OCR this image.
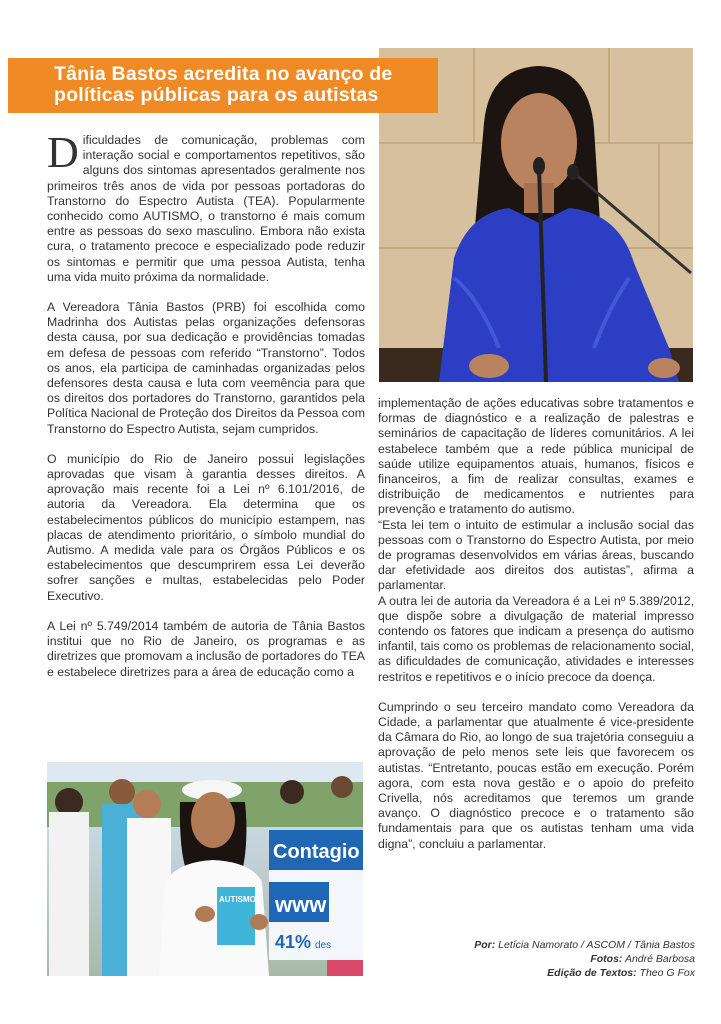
Tânia Bastos acredita no avanço de
políticas públicas para os autistas

Dificuldades de comunicação, problemas com interação social e comportamentos repetitivos, são alguns dos sintomas apresentados geralmente nos primeiros três anos de vida por pessoas portadoras do Transtorno do Espectro Autista (TEA). Popularmente conhecido como AUTISMO, o transtorno é mais comum entre as pessoas do sexo masculino. Embora não exista cura, o tratamento precoce e especializado pode reduzir os sintomas e permitir que uma pessoa Autista, tenha uma vida muito próxima da normalidade.

A Vereadora Tânia Bastos (PRB) foi escolhida como Madrinha dos Autistas pelas organizações defensoras desta causa, por sua dedicação e providências tomadas em defesa de pessoas com referido “Transtorno”. Todos os anos, ela participa de caminhadas organizadas pelos defensores desta causa e luta com veemência para que os direitos dos portadores do Transtorno, garantidos pela Política Nacional de Proteção dos Direitos da Pessoa com Transtorno do Espectro Autista, sejam cumpridos.

O município do Rio de Janeiro possui legislações aprovadas que visam à garantia desses direitos. A aprovação mais recente foi a Lei nº 6.101/2016, de autoria da Vereadora. Ela determina que os estabelecimentos públicos do município estampem, nas placas de atendimento prioritário, o símbolo mundial do Autismo. A medida vale para os Órgãos Públicos e os estabelecimentos que descumprirem essa Lei deverão sofrer sanções e multas, estabelecidas pelo Poder Executivo.

A Lei nº 5.749/2014 também de autoria de Tânia Bastos institui que no Rio de Janeiro, os programas e as diretrizes que promovam a inclusão de portadores do TEA e estabelece diretrizes para a área de educação como a

Contagio
www
41% des
AUTISMO

implementação de ações educativas sobre tratamentos e formas de diagnóstico e a realização de palestras e seminários de capacitação de líderes comunitários. A lei estabelece também que a rede pública municipal de saúde utilize equipamentos atuais, humanos, físicos e financeiros, a fim de realizar consultas, exames e distribuição de medicamentos e nutrientes para prevenção e tratamento do autismo.

“Esta lei tem o intuito de estimular a inclusão social das pessoas com o Transtorno do Espectro Autista, por meio de programas desenvolvidos em várias áreas, buscando dar efetividade aos direitos dos autistas”, afirma a parlamentar.

A outra lei de autoria da Vereadora é a Lei nº 5.389/2012, que dispõe sobre a divulgação de material impresso contendo os fatores que indicam a presença do autismo infantil, tais como os problemas de relacionamento social, as dificuldades de comunicação, atividades e interesses restritos e repetitivos e o início precoce da doença.

Cumprindo o seu terceiro mandato como Vereadora da Cidade, a parlamentar que atualmente é vice-presidente da Câmara do Rio, ao longo de sua trajetória conseguiu a aprovação de pelo menos sete leis que favorecem os autistas. “Entretanto, poucas estão em execução. Porém agora, com esta nova gestão e o apoio do prefeito Crivella, nós acreditamos que teremos um grande avanço. O diagnóstico precoce e o tratamento são fundamentais para que os autistas tenham uma vida digna”, concluiu a parlamentar.

Por: Letícia Namorato / ASCOM / Tânia Bastos
Fotos: André Barbosa
Edição de Textos: Theo G Fox
